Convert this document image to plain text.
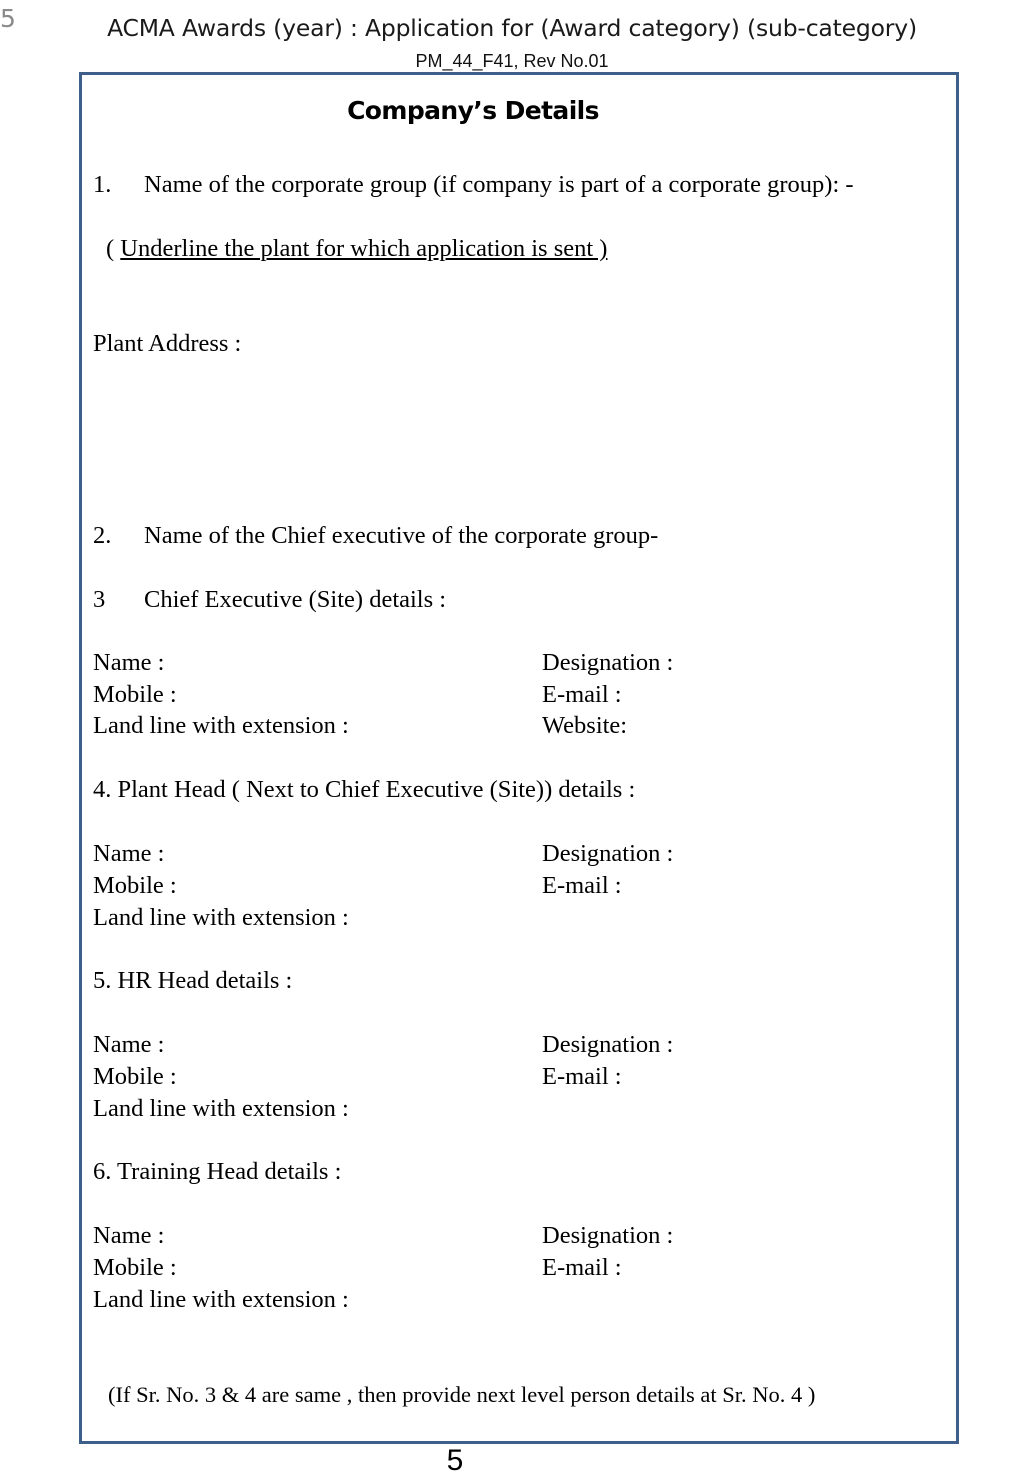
5	ACMA Awards (year) : Application for (Award category) (sub-category)
PM_44_F41, Rev No.01
Company’s Details
1. Name of the corporate group (if company is part of a corporate group): -
( Underline the plant for which application is sent )
Plant Address :
2. Name of the Chief executive of the corporate group-
3 Chief Executive (Site) details :
Name :	Designation :
Mobile :	E-mail :
Land line with extension :	Website:
4. Plant Head ( Next to Chief Executive (Site)) details :
Name :	Designation :
Mobile :	E-mail :
Land line with extension :
5. HR Head details :
Name :	Designation :
Mobile :	E-mail :
Land line with extension :
6. Training Head details :
Name :	Designation :
Mobile :	E-mail :
Land line with extension :
(If Sr. No. 3 & 4 are same , then provide next level person details at Sr. No. 4 )
5
